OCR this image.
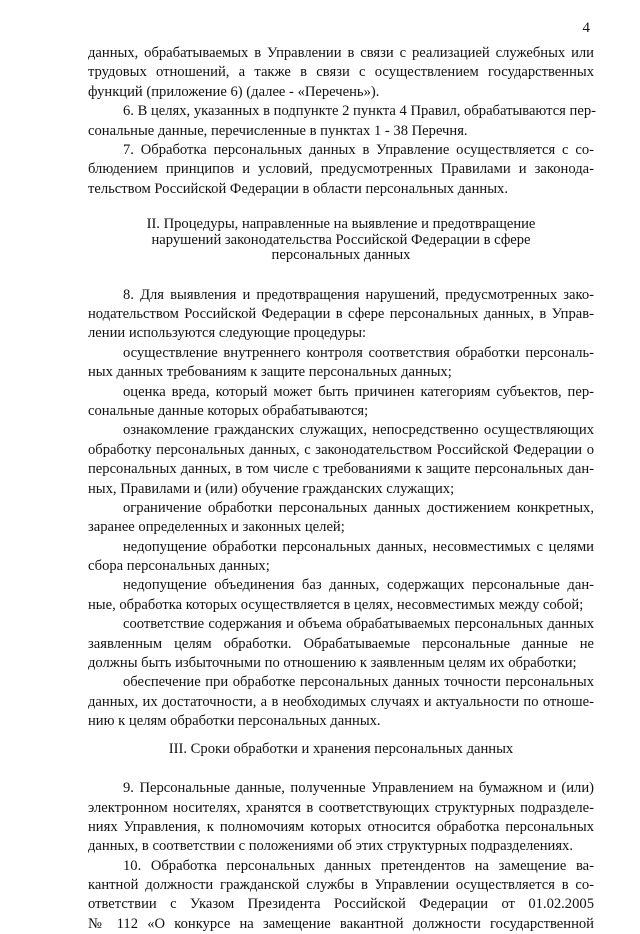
4
данных, обрабатываемых в Управлении в связи с реализацией служебных или
трудовых отношений, а также в связи с осуществлением государственных
функций (приложение 6) (далее - «Перечень»).
6. В целях, указанных в подпункте 2 пункта 4 Правил, обрабатываются пер-
сональные данные, перечисленные в пунктах 1 - 38 Перечня.
7. Обработка персональных данных в Управление осуществляется с со-
блюдением принципов и условий, предусмотренных Правилами и законода-
тельством Российской Федерации в области персональных данных.
II. Процедуры, направленные на выявление и предотвращение
нарушений законодательства Российской Федерации в сфере
персональных данных
8. Для выявления и предотвращения нарушений, предусмотренных зако-
нодательством Российской Федерации в сфере персональных данных, в Управ-
лении используются следующие процедуры:
осуществление внутреннего контроля соответствия обработки персональ-
ных данных требованиям к защите персональных данных;
оценка вреда, который может быть причинен категориям субъектов, пер-
сональные данные которых обрабатываются;
ознакомление гражданских служащих, непосредственно осуществляющих
обработку персональных данных, с законодательством Российской Федерации о
персональных данных, в том числе с требованиями к защите персональных дан-
ных, Правилами и (или) обучение гражданских служащих;
ограничение обработки персональных данных достижением конкретных,
заранее определенных и законных целей;
недопущение обработки персональных данных, несовместимых с целями
сбора персональных данных;
недопущение объединения баз данных, содержащих персональные дан-
ные, обработка которых осуществляется в целях, несовместимых между собой;
соответствие содержания и объема обрабатываемых персональных данных
заявленным целям обработки. Обрабатываемые персональные данные не
должны быть избыточными по отношению к заявленным целям их обработки;
обеспечение при обработке персональных данных точности персональных
данных, их достаточности, а в необходимых случаях и актуальности по отноше-
нию к целям обработки персональных данных.
III. Сроки обработки и хранения персональных данных
9. Персональные данные, полученные Управлением на бумажном и (или)
электронном носителях, хранятся в соответствующих структурных подразделе-
ниях Управления, к полномочиям которых относится обработка персональных
данных, в соответствии с положениями об этих структурных подразделениях.
10. Обработка персональных данных претендентов на замещение ва-
кантной должности гражданской службы в Управлении осуществляется в со-
ответствии с Указом Президента Российской Федерации от 01.02.2005
№ 112 «О конкурсе на замещение вакантной должности государственной
